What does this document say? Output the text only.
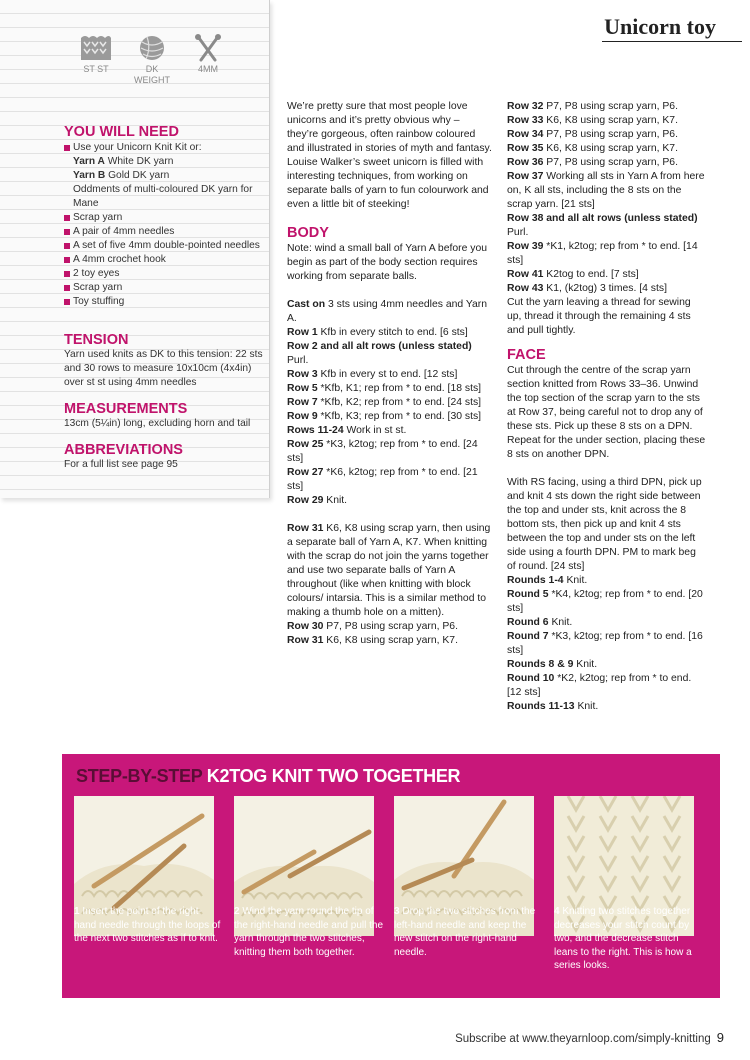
Unicorn toy
ST ST	DK
WEIGHT
4MM
YOU WILL NEED
Use your Unicorn Knit Kit or:
Yarn A White DK yarn
Yarn B Gold DK yarn
Oddments of multi-coloured DK yarn for Mane
Scrap yarn
A pair of 4mm needles
A set of five 4mm double-pointed needles
A 4mm crochet hook
2 toy eyes
Scrap yarn
Toy stuffing
TENSION
Yarn used knits as DK to this tension: 22 sts and 30 rows to measure 10x10cm (4x4in) over st st using 4mm needles
MEASUREMENTS
13cm (5¼in) long, excluding horn and tail
ABBREVIATIONS
For a full list see page 95

We’re pretty sure that most people love unicorns and it’s pretty obvious why – they’re gorgeous, often rainbow coloured and illustrated in stories of myth and fantasy. Louise Walker’s sweet unicorn is filled with interesting techniques, from working on separate balls of yarn to fun colourwork and even a little bit of steeking!

BODY

Note: wind a small ball of Yarn A before you begin as part of the body section requires working from separate balls.

Cast on 3 sts using 4mm needles and Yarn A.

Row 1 Kfb in every stitch to end. [6 sts]

Row 2 and all alt rows (unless stated) Purl.

Row 3 Kfb in every st to end. [12 sts]

Row 5 *Kfb, K1; rep from * to end. [18 sts]

Row 7 *Kfb, K2; rep from * to end. [24 sts]

Row 9 *Kfb, K3; rep from * to end. [30 sts]

Rows 11-24 Work in st st.

Row 25 *K3, k2tog; rep from * to end. [24 sts]

Row 27 *K6, k2tog; rep from * to end. [21 sts]

Row 29 Knit.

Row 31 K6, K8 using scrap yarn, then using a separate ball of Yarn A, K7. When knitting with the scrap do not join the yarns together and use two separate balls of Yarn A throughout (like when knitting with block colours/ intarsia. This is a similar method to making a thumb hole on a mitten).

Row 30 P7, P8 using scrap yarn, P6.

Row 31 K6, K8 using scrap yarn, K7.

Row 32 P7, P8 using scrap yarn, P6.

Row 33 K6, K8 using scrap yarn, K7.

Row 34 P7, P8 using scrap yarn, P6.

Row 35 K6, K8 using scrap yarn, K7.

Row 36 P7, P8 using scrap yarn, P6.

Row 37 Working all sts in Yarn A from here on, K all sts, including the 8 sts on the scrap yarn. [21 sts]

Row 38 and all alt rows (unless stated) Purl.

Row 39 *K1, k2tog; rep from * to end. [14 sts]

Row 41 K2tog to end. [7 sts]

Row 43 K1, (k2tog) 3 times. [4 sts]

Cut the yarn leaving a thread for sewing up, thread it through the remaining 4 sts and pull tightly.

FACE

Cut through the centre of the scrap yarn section knitted from Rows 33–36. Unwind the top section of the scrap yarn to the sts at Row 37, being careful not to drop any of these sts. Pick up these 8 sts on a DPN. Repeat for the under section, placing these 8 sts on another DPN.

With RS facing, using a third DPN, pick up and knit 4 sts down the right side between the top and under sts, knit across the 8 bottom sts, then pick up and knit 4 sts between the top and under sts on the left side using a fourth DPN. PM to mark beg of round. [24 sts]

Rounds 1-4 Knit.

Round 5 *K4, k2tog; rep from * to end. [20 sts]

Round 6 Knit.

Round 7 *K3, k2tog; rep from * to end. [16 sts]

Rounds 8 & 9 Knit.

Round 10 *K2, k2tog; rep from * to end. [12 sts]

Rounds 11-13 Knit.

STEP-BY-STEP K2TOG KNIT TWO TOGETHER
1 Insert the point of the right-hand needle through the loops of the next two stitches as if to knit.
2 Wind the yarn round the tip of the right-hand needle and pull the yarn through the two stitches, knitting them both together.
3 Drop the two stitches from the left-hand needle and keep the new stitch on the right-hand needle.
4 Knitting two stitches together decreases your stitch count by two, and the decrease stitch leans to the right. This is how a series looks.
Subscribe at www.theyarnloop.com/simply-knitting 9
